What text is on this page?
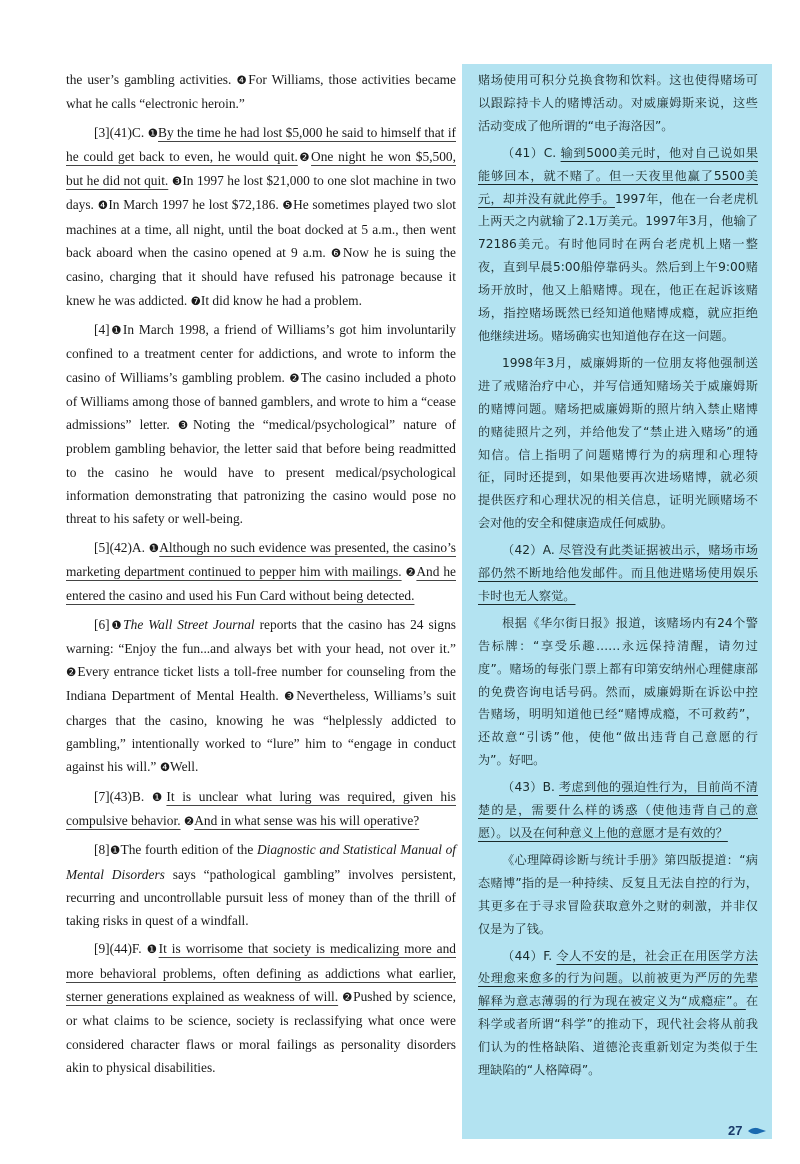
the user’s gambling activities. ❹For Williams, those activities became what he calls “electronic heroin.”

[3](41)C. ❶By the time he had lost $5,000 he said to himself that if he could get back to even, he would quit.❷One night he won $5,500, but he did not quit. ❸In 1997 he lost $21,000 to one slot machine in two days. ❹In March 1997 he lost $72,186. ❺He sometimes played two slot machines at a time, all night, until the boat docked at 5 a.m., then went back aboard when the casino opened at 9 a.m. ❻Now he is suing the casino, charging that it should have refused his patronage because it knew he was addicted. ❼It did know he had a problem.

[4]❶In March 1998, a friend of Williams’s got him involuntarily confined to a treatment center for addictions, and wrote to inform the casino of Williams’s gambling problem. ❷The casino included a photo of Williams among those of banned gamblers, and wrote to him a “cease admissions” letter. ❸Noting the “medical/psychological” nature of problem gambling behavior, the letter said that before being readmitted to the casino he would have to present medical/psychological information demonstrating that patronizing the casino would pose no threat to his safety or well-being.

[5](42)A. ❶Although no such evidence was presented, the casino’s marketing department continued to pepper him with mailings. ❷And he entered the casino and used his Fun Card without being detected.

[6]❶The Wall Street Journal reports that the casino has 24 signs warning: “Enjoy the fun...and always bet with your head, not over it.” ❷Every entrance ticket lists a toll-free number for counseling from the Indiana Department of Mental Health. ❸Nevertheless, Williams’s suit charges that the casino, knowing he was “helplessly addicted to gambling,” intentionally worked to “lure” him to “engage in conduct against his will.” ❹Well.

[7](43)B. ❶It is unclear what luring was required, given his compulsive behavior. ❷And in what sense was his will operative?

[8]❶The fourth edition of the Diagnostic and Statistical Manual of Mental Disorders says “pathological gambling” involves persistent, recurring and uncontrollable pursuit less of money than of the thrill of taking risks in quest of a windfall.

[9](44)F. ❶It is worrisome that society is medicalizing more and more behavioral problems, often defining as addictions what earlier, sterner generations explained as weakness of will. ❷Pushed by science, or what claims to be science, society is reclassifying what once were considered character flaws or moral failings as personality disorders akin to physical disabilities.

赌场使用可积分兑换食物和饮料。这也使得赌场可以跟踪持卡人的赌博活动。对威廉姆斯来说，这些活动变成了他所谓的“电子海洛因”。

（41）C. 输到5000美元时，他对自己说如果能够回本，就不赌了。但一天夜里他赢了5500美元，却并没有就此停手。1997年，他在一台老虎机上两天之内就输了2.1万美元。1997年3月，他输了72186美元。有时他同时在两台老虎机上赌一整夜，直到早晨5:00船停靠码头。然后到上午9:00赌场开放时，他又上船赌博。现在，他正在起诉该赌场，指控赌场既然已经知道他赌博成瘾，就应拒绝他继续进场。赌场确实也知道他存在这一问题。

1998年3月，威廉姆斯的一位朋友将他强制送进了戒赌治疗中心，并写信通知赌场关于威廉姆斯的赌博问题。赌场把威廉姆斯的照片纳入禁止赌博的赌徒照片之列，并给他发了“禁止进入赌场”的通知信。信上指明了问题赌博行为的病理和心理特征，同时还提到，如果他要再次进场赌博，就必须提供医疗和心理状况的相关信息，证明光顾赌场不会对他的安全和健康造成任何威胁。

（42）A. 尽管没有此类证据被出示，赌场市场部仍然不断地给他发邮件。而且他进赌场使用娱乐卡时也无人察觉。

根据《华尔街日报》报道，该赌场内有24个警告标牌：“享受乐趣……永远保持清醒，请勿过度”。赌场的每张门票上都有印第安纳州心理健康部的免费咨询电话号码。然而，威廉姆斯在诉讼中控告赌场，明明知道他已经“赌博成瘾，不可救药”，还故意“引诱”他，使他“做出违背自己意愿的行为”。好吧。

（43）B. 考虑到他的强迫性行为，目前尚不清楚的是，需要什么样的诱惑（使他违背自己的意愿）。以及在何种意义上他的意愿才是有效的？

《心理障碍诊断与统计手册》第四版提道：“病态赌博”指的是一种持续、反复且无法自控的行为，其更多在于寻求冒险获取意外之财的刺激，并非仅仅是为了钱。

（44）F. 令人不安的是，社会正在用医学方法处理愈来愈多的行为问题。以前被更为严厉的先辈解释为意志薄弱的行为现在被定义为“成瘾症”。在科学或者所谓“科学”的推动下，现代社会将从前我们认为的性格缺陷、道德沦丧重新划定为类似于生理缺陷的“人格障碍”。

27
